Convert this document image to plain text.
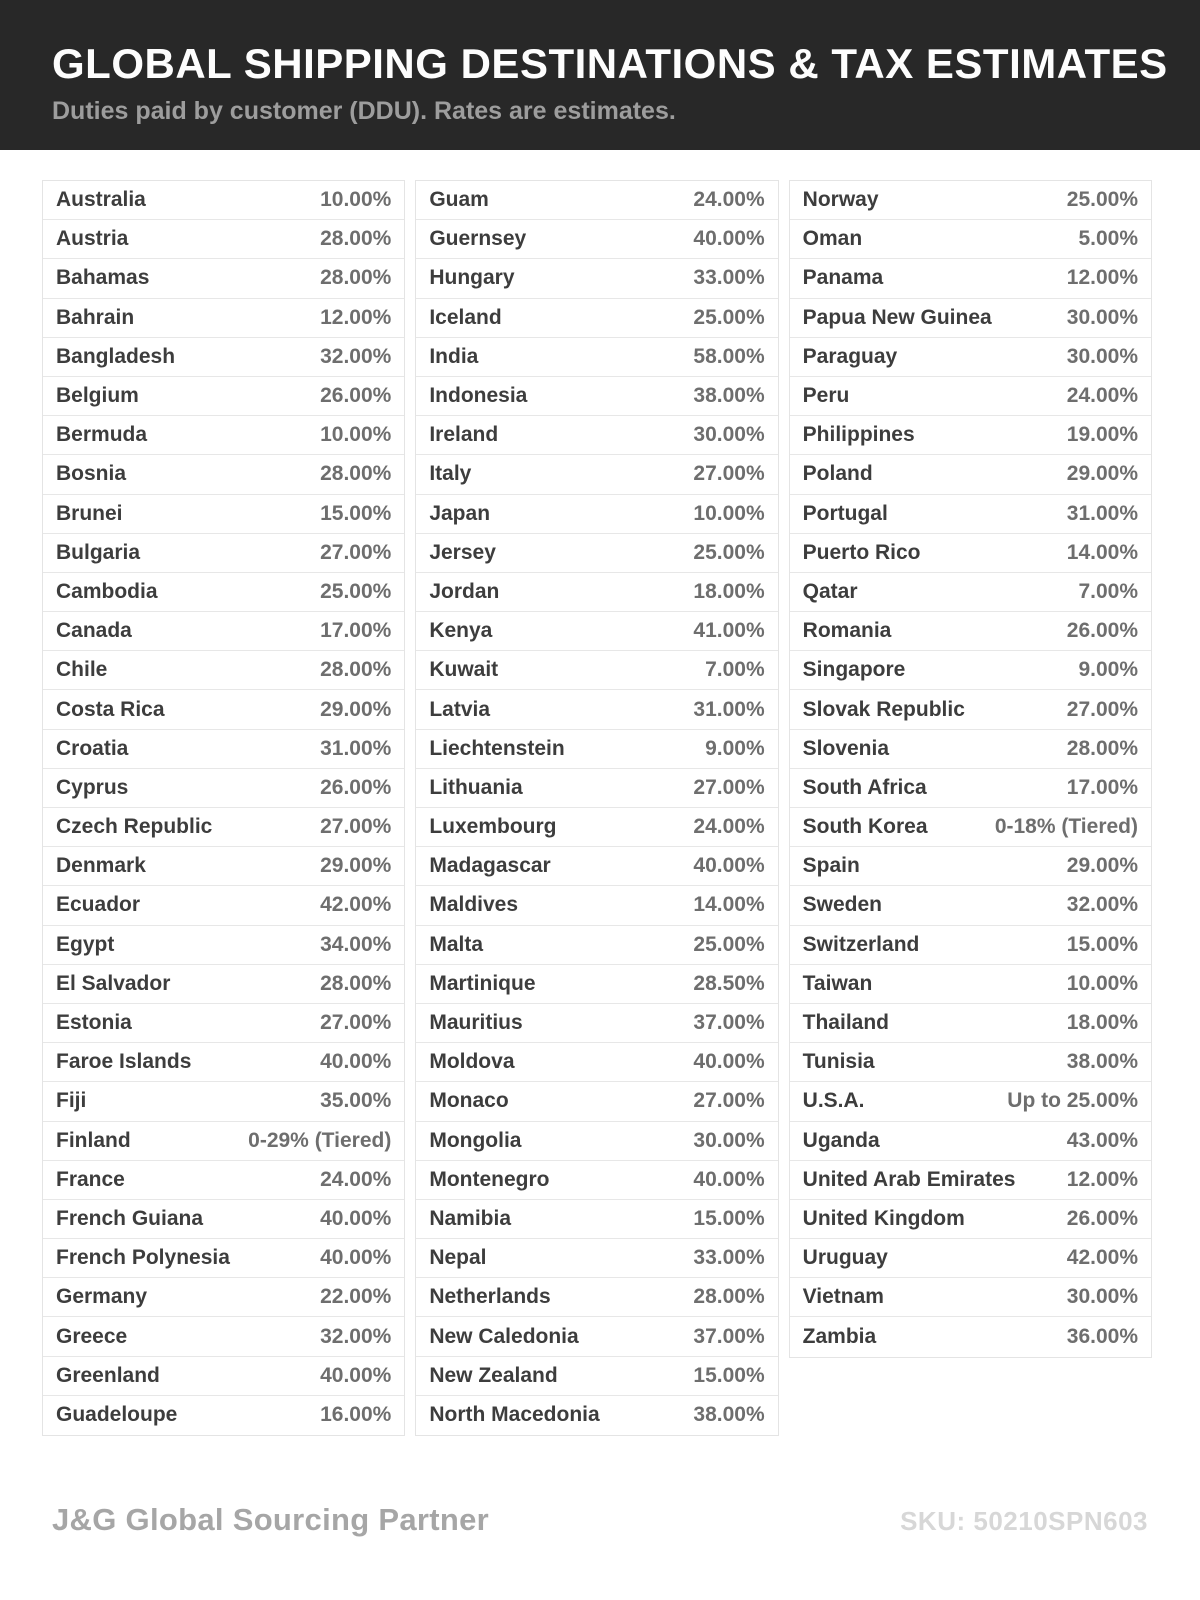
GLOBAL SHIPPING DESTINATIONS & TAX ESTIMATES
Duties paid by customer (DDU). Rates are estimates.
Australia	10.00%
Austria	28.00%
Bahamas	28.00%
Bahrain	12.00%
Bangladesh	32.00%
Belgium	26.00%
Bermuda	10.00%
Bosnia	28.00%
Brunei	15.00%
Bulgaria	27.00%
Cambodia	25.00%
Canada	17.00%
Chile	28.00%
Costa Rica	29.00%
Croatia	31.00%
Cyprus	26.00%
Czech Republic	27.00%
Denmark	29.00%
Ecuador	42.00%
Egypt	34.00%
El Salvador	28.00%
Estonia	27.00%
Faroe Islands	40.00%
Fiji	35.00%
Finland	0-29% (Tiered)
France	24.00%
French Guiana	40.00%
French Polynesia	40.00%
Germany	22.00%
Greece	32.00%
Greenland	40.00%
Guadeloupe	16.00%
Guam	24.00%
Guernsey	40.00%
Hungary	33.00%
Iceland	25.00%
India	58.00%
Indonesia	38.00%
Ireland	30.00%
Italy	27.00%
Japan	10.00%
Jersey	25.00%
Jordan	18.00%
Kenya	41.00%
Kuwait	7.00%
Latvia	31.00%
Liechtenstein	9.00%
Lithuania	27.00%
Luxembourg	24.00%
Madagascar	40.00%
Maldives	14.00%
Malta	25.00%
Martinique	28.50%
Mauritius	37.00%
Moldova	40.00%
Monaco	27.00%
Mongolia	30.00%
Montenegro	40.00%
Namibia	15.00%
Nepal	33.00%
Netherlands	28.00%
New Caledonia	37.00%
New Zealand	15.00%
North Macedonia	38.00%
Norway	25.00%
Oman	5.00%
Panama	12.00%
Papua New Guinea	30.00%
Paraguay	30.00%
Peru	24.00%
Philippines	19.00%
Poland	29.00%
Portugal	31.00%
Puerto Rico	14.00%
Qatar	7.00%
Romania	26.00%
Singapore	9.00%
Slovak Republic	27.00%
Slovenia	28.00%
South Africa	17.00%
South Korea	0-18% (Tiered)
Spain	29.00%
Sweden	32.00%
Switzerland	15.00%
Taiwan	10.00%
Thailand	18.00%
Tunisia	38.00%
U.S.A.	Up to 25.00%
Uganda	43.00%
United Arab Emirates 12.00%
United Kingdom	26.00%
Uruguay	42.00%
Vietnam	30.00%
Zambia	36.00%
J&G Global Sourcing Partner	SKU: 50210SPN603
